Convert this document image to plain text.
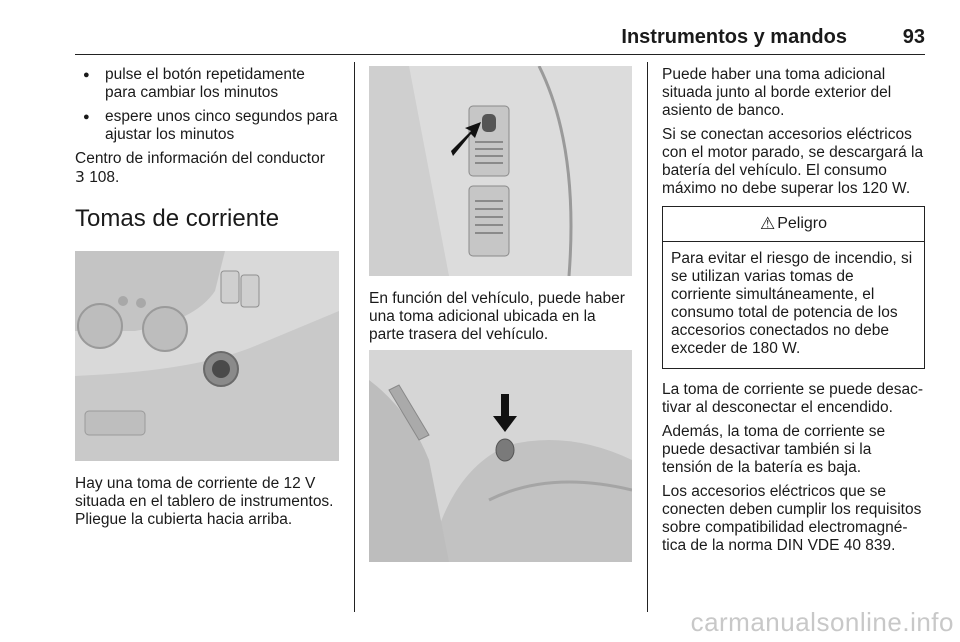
Instrumentos y mandos	93
● pulse el botón repetidamente para cambiar los minutos
● espere unos cinco segundos para ajustar los minutos

Centro de información del conductor
3 108.

Tomas de corriente

Hay una toma de corriente de 12 V situada en el tablero de instrumentos. Pliegue la cubierta hacia arriba.

En función del vehículo, puede haber una toma adicional ubicada en la parte trasera del vehículo.

Puede haber una toma adicional situada junto al borde exterior del asiento de banco.

Si se conectan accesorios eléctricos con el motor parado, se descargará la batería del vehículo. El consumo máximo no debe superar los 120 W.

⚠ Peligro
Para evitar el riesgo de incendio, si se utilizan varias tomas de corriente simultáneamente, el consumo total de potencia de los accesorios conectados no debe exceder de 180 W.

La toma de corriente se puede desactivar al desconectar el encendido.

Además, la toma de corriente se puede desactivar también si la tensión de la batería es baja.

Los accesorios eléctricos que se conecten deben cumplir los requisitos sobre compatibilidad electromagnética de la norma DIN VDE 40 839.

carmanualsonline.info
